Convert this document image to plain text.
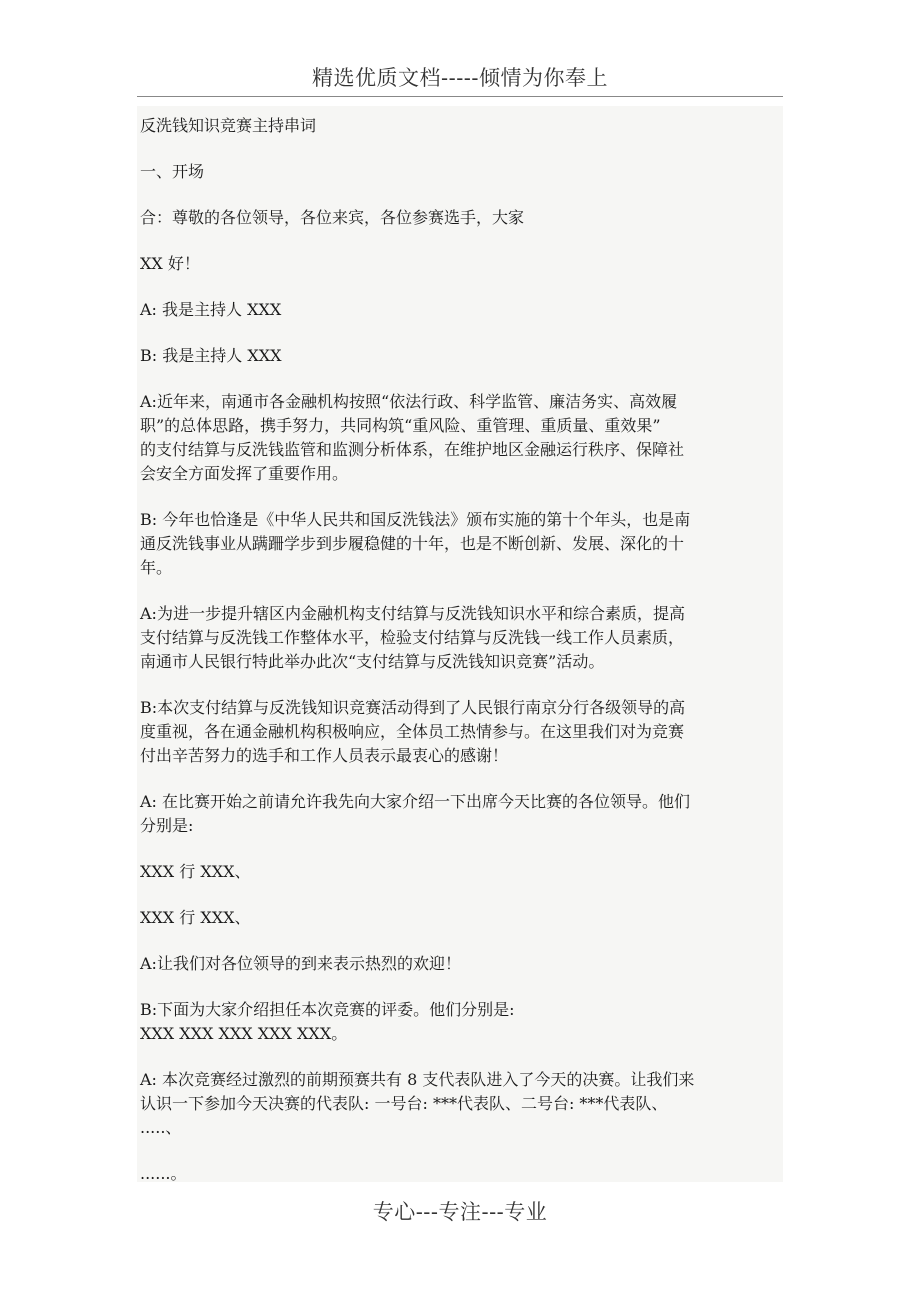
精选优质文档-----倾情为你奉上

反洗钱知识竞赛主持串词

一、开场

合：尊敬的各位领导，各位来宾，各位参赛选手，大家

XX 好！

A: 我是主持人 XXX

B: 我是主持人 XXX

A:近年来，南通市各金融机构按照“依法行政、科学监管、廉洁务实、高效履

职”的总体思路，携手努力，共同构筑“重风险、重管理、重质量、重效果”

的支付结算与反洗钱监管和监测分析体系，在维护地区金融运行秩序、保障社

会安全方面发挥了重要作用。

B: 今年也恰逢是《中华人民共和国反洗钱法》颁布实施的第十个年头，也是南

通反洗钱事业从蹒跚学步到步履稳健的十年，也是不断创新、发展、深化的十

年。

A:为进一步提升辖区内金融机构支付结算与反洗钱知识水平和综合素质，提高

支付结算与反洗钱工作整体水平，检验支付结算与反洗钱一线工作人员素质，

南通市人民银行特此举办此次“支付结算与反洗钱知识竞赛”活动。

B:本次支付结算与反洗钱知识竞赛活动得到了人民银行南京分行各级领导的高

度重视，各在通金融机构积极响应，全体员工热情参与。在这里我们对为竞赛

付出辛苦努力的选手和工作人员表示最衷心的感谢！

A: 在比赛开始之前请允许我先向大家介绍一下出席今天比赛的各位领导。他们

分别是:

XXX 行 XXX、

XXX 行 XXX、

A:让我们对各位领导的到来表示热烈的欢迎！

B:下面为大家介绍担任本次竞赛的评委。他们分别是:

XXX XXX XXX XXX XXX。

A: 本次竞赛经过激烈的前期预赛共有 8 支代表队进入了今天的决赛。让我们来

认识一下参加今天决赛的代表队: 一号台: ***代表队、二号台: ***代表队、

.....、

......。

专心---专注---专业
